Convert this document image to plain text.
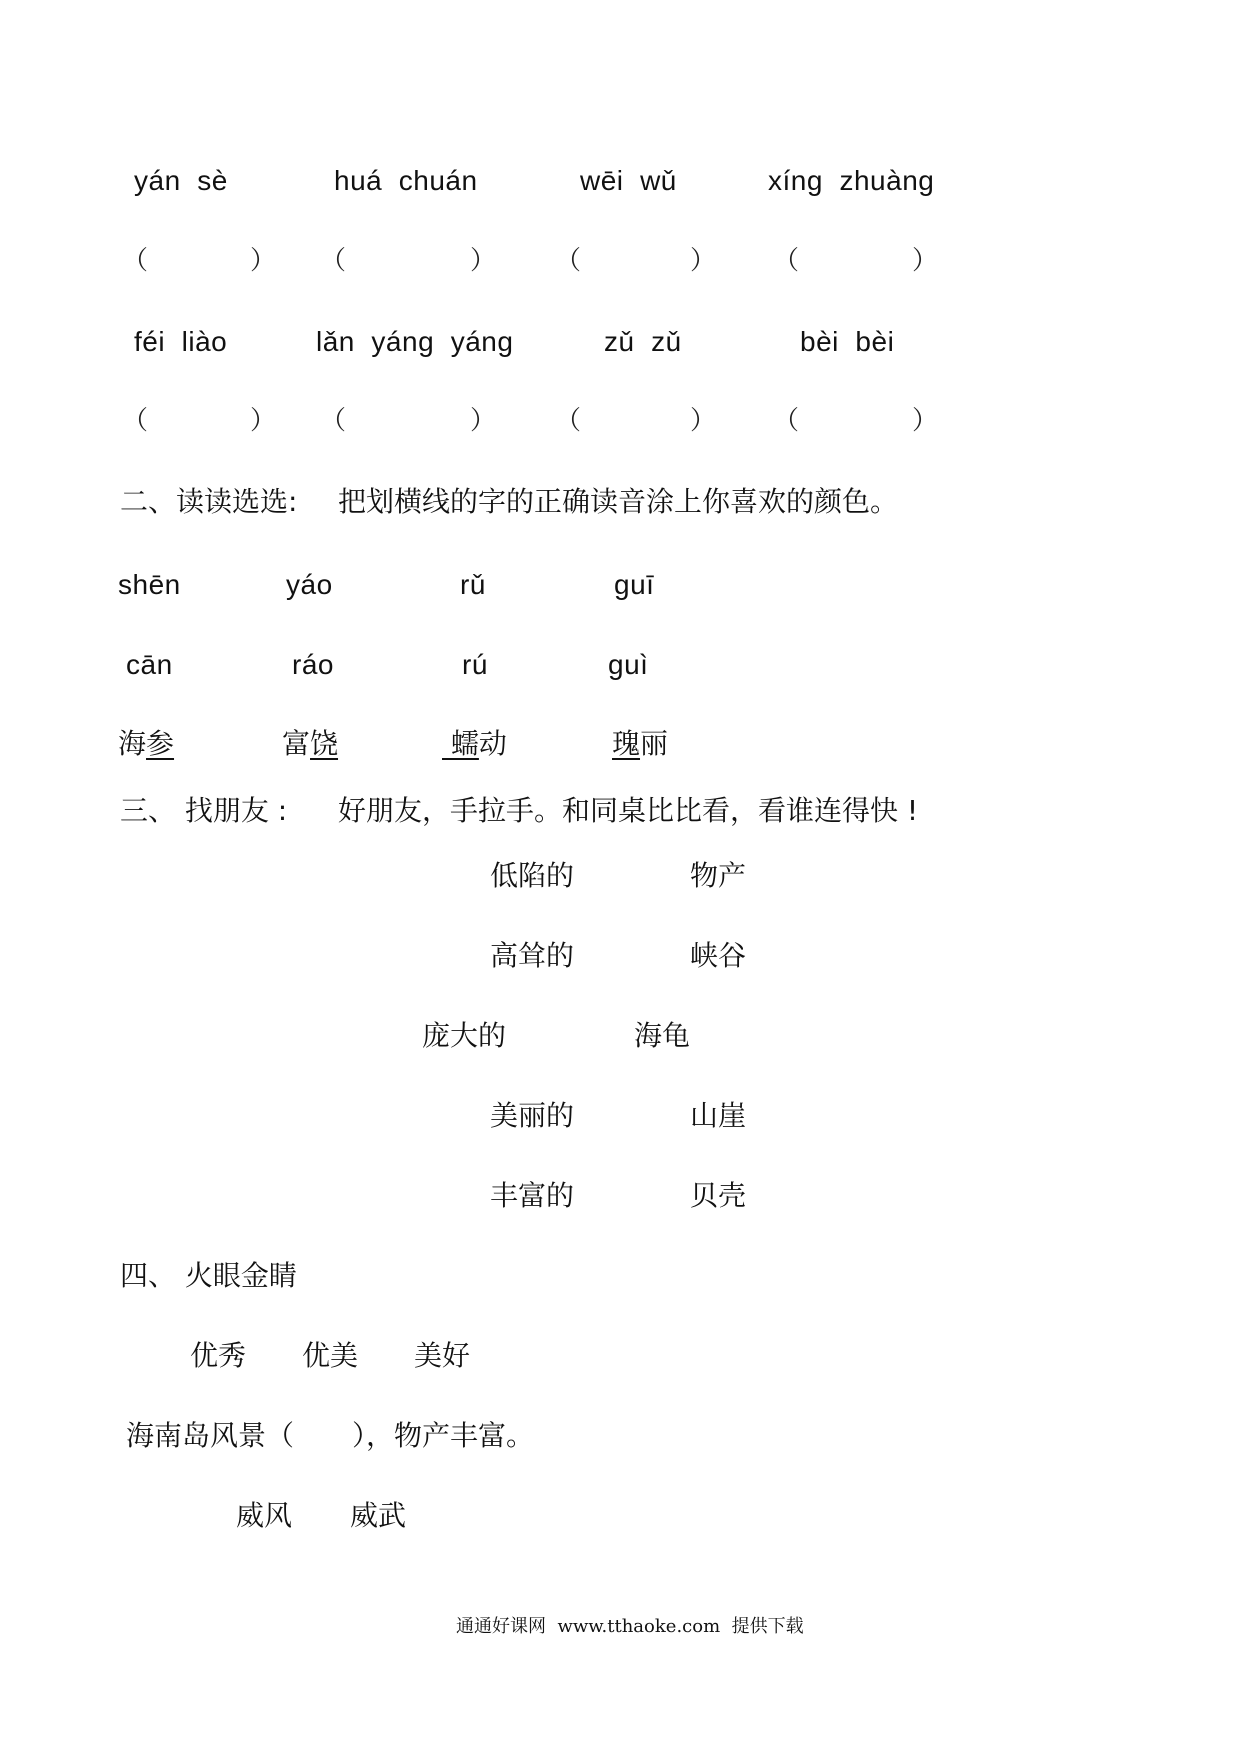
yán  sè	huá  chuán	wēi  wǔ	xíng  zhuàng
（	） （	） （	） （	）
féi  liào	lǎn  yáng  yáng	zǔ  zǔ	bèi  bèi
（	） （	） （	） （	）
二、读读选选: 把划横线的字的正确读音涂上你喜欢的颜色。
shēn	yáo	rǔ	guī
cān	ráo	rú	guì
海参	富饶	蠕动	瑰丽
三、 找朋友 : 好朋友，手拉手。和同桌比比看，看谁连得快 !
低陷的	物产
高耸的	峡谷
庞大的	海龟
美丽的	山崖
丰富的	贝壳
四、 火眼金睛
优秀 优美 美好
海南岛风景（ ），物产丰富。
威风 威武
通通好课网  www.tthaoke.com  提供下载
